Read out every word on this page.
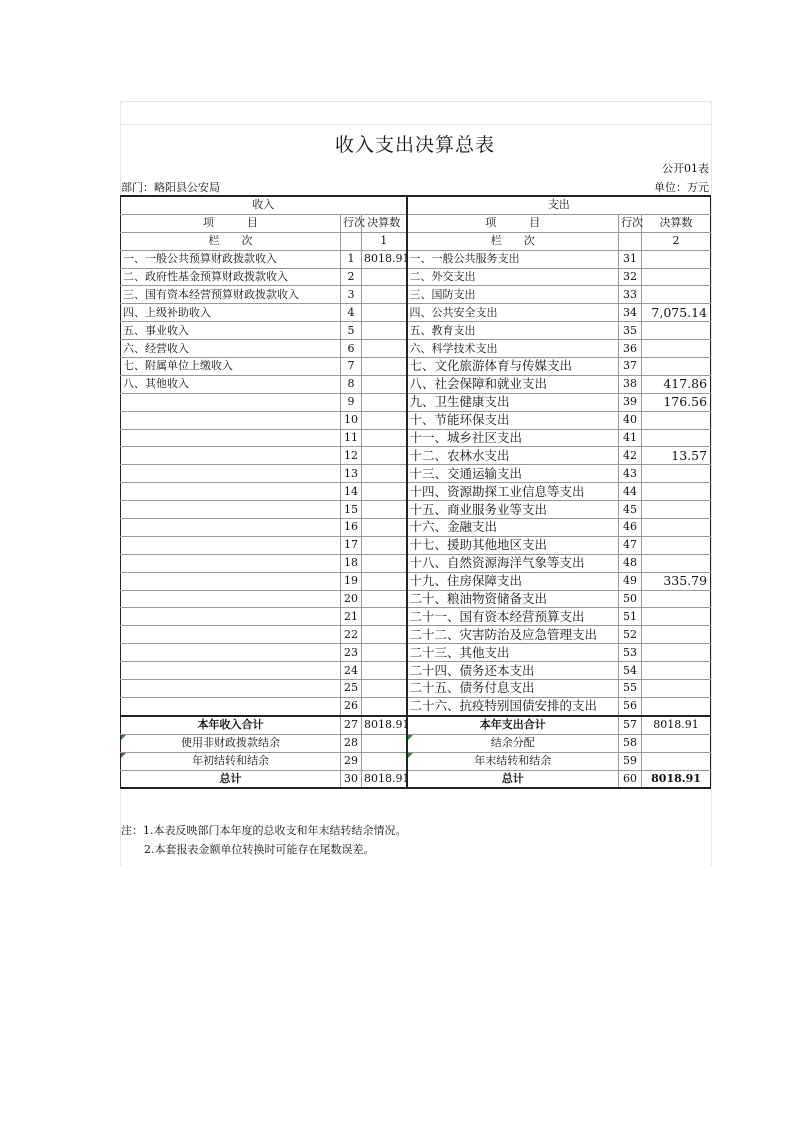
收入支出决算总表
公开01表
部门：略阳县公安局	单位：万元
收入			支出		
项　　　目	行次	决算数	项　　　目	行次	决算数
栏　　次		1	栏　　次		2
一、一般公共预算财政拨款收入	1	8018.91	一、一般公共服务支出	31	
二、政府性基金预算财政拨款收入	2		二、外交支出	32	
三、国有资本经营预算财政拨款收入	3		三、国防支出	33	
四、上级补助收入	4		四、公共安全支出	34	7,075.14
五、事业收入	5		五、教育支出	35	
六、经营收入	6		六、科学技术支出	36	
七、附属单位上缴收入	7		七、文化旅游体育与传媒支出	37	
八、其他收入	8		八、社会保障和就业支出	38	417.86
	9		九、卫生健康支出	39	176.56
	10		十、节能环保支出	40	
	11		十一、城乡社区支出	41	
	12		十二、农林水支出	42	13.57
	13		十三、交通运输支出	43	
	14		十四、资源勘探工业信息等支出	44	
	15		十五、商业服务业等支出	45	
	16		十六、金融支出	46	
	17		十七、援助其他地区支出	47	
	18		十八、自然资源海洋气象等支出	48	
	19		十九、住房保障支出	49	335.79
	20		二十、粮油物资储备支出	50	
	21		二十一、国有资本经营预算支出	51	
	22		二十二、灾害防治及应急管理支出	52	
	23		二十三、其他支出	53	
	24		二十四、债务还本支出	54	
	25		二十五、债务付息支出	55	
	26		二十六、抗疫特别国债安排的支出	56	
本年收入合计	27	8018.91	本年支出合计	57	8018.91
使用非财政拨款结余	28		结余分配	58	
年初结转和结余	29		年末结转和结余	59	
总计	30	8018.91	总计	60	8018.91
注：1.本表反映部门本年度的总收支和年末结转结余情况。
2.本套报表金额单位转换时可能存在尾数误差。
